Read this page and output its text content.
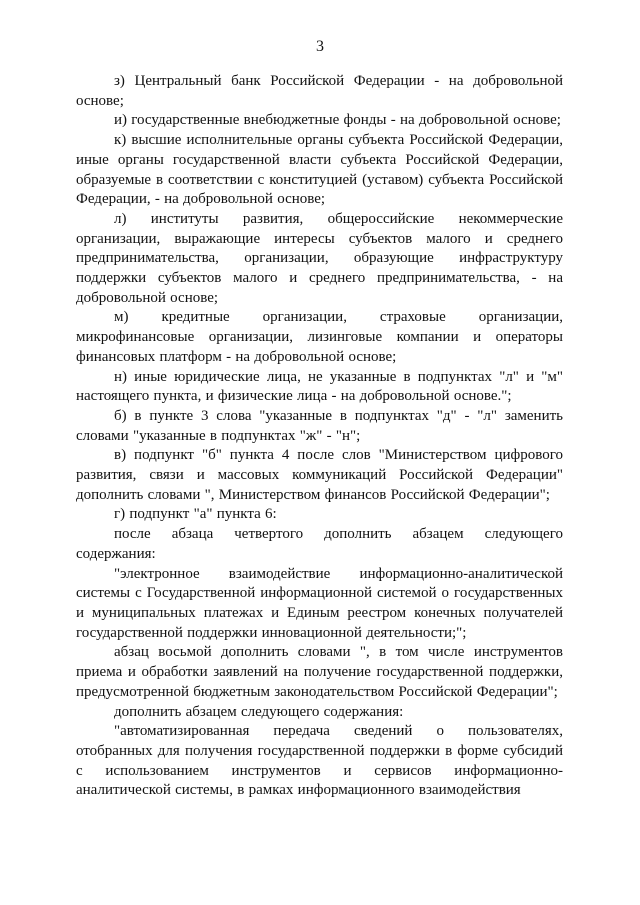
3

з) Центральный банк Российской Федерации - на добровольной основе;

и) государственные внебюджетные фонды - на добровольной основе;

к) высшие исполнительные органы субъекта Российской Федерации, иные органы государственной власти субъекта Российской Федерации, образуемые в соответствии с конституцией (уставом) субъекта Российской Федерации, - на добровольной основе;

л) институты развития, общероссийские некоммерческие организации, выражающие интересы субъектов малого и среднего предпринимательства, организации, образующие инфраструктуру поддержки субъектов малого и среднего предпринимательства, - на добровольной основе;

м) кредитные организации, страховые организации, микрофинансовые организации, лизинговые компании и операторы финансовых платформ - на добровольной основе;

н) иные юридические лица, не указанные в подпунктах "л" и "м" настоящего пункта, и физические лица - на добровольной основе.";

б) в пункте 3 слова "указанные в подпунктах "д" - "л" заменить словами "указанные в подпунктах "ж" - "н";

в) подпункт "б" пункта 4 после слов "Министерством цифрового развития, связи и массовых коммуникаций Российской Федерации" дополнить словами ", Министерством финансов Российской Федерации";

г) подпункт "а" пункта 6:

после абзаца четвертого дополнить абзацем следующего содержания:

"электронное взаимодействие информационно-аналитической системы с Государственной информационной системой о государственных и муниципальных платежах и Единым реестром конечных получателей государственной поддержки инновационной деятельности;";

абзац восьмой дополнить словами ", в том числе инструментов приема и обработки заявлений на получение государственной поддержки, предусмотренной бюджетным законодательством Российской Федерации";

дополнить абзацем следующего содержания:

"автоматизированная передача сведений о пользователях, отобранных для получения государственной поддержки в форме субсидий с использованием инструментов и сервисов информационно-аналитической системы, в рамках информационного взаимодействия
